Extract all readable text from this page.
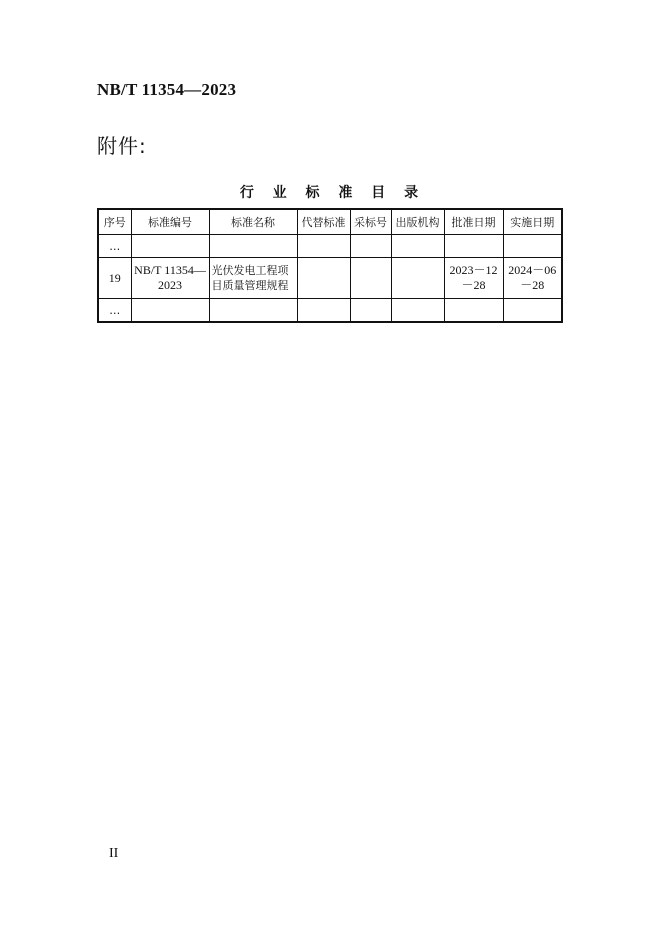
NB/T 11354—2023
附件:
行 业 标 准 目 录
序号	标准编号	标准名称	代替标准	采标号	出版机构	批准日期	实施日期
…							
19	NB/T 11354—2023	光伏发电工程项目质量管理规程				2023－12－28	2024－06－28
…							
II
